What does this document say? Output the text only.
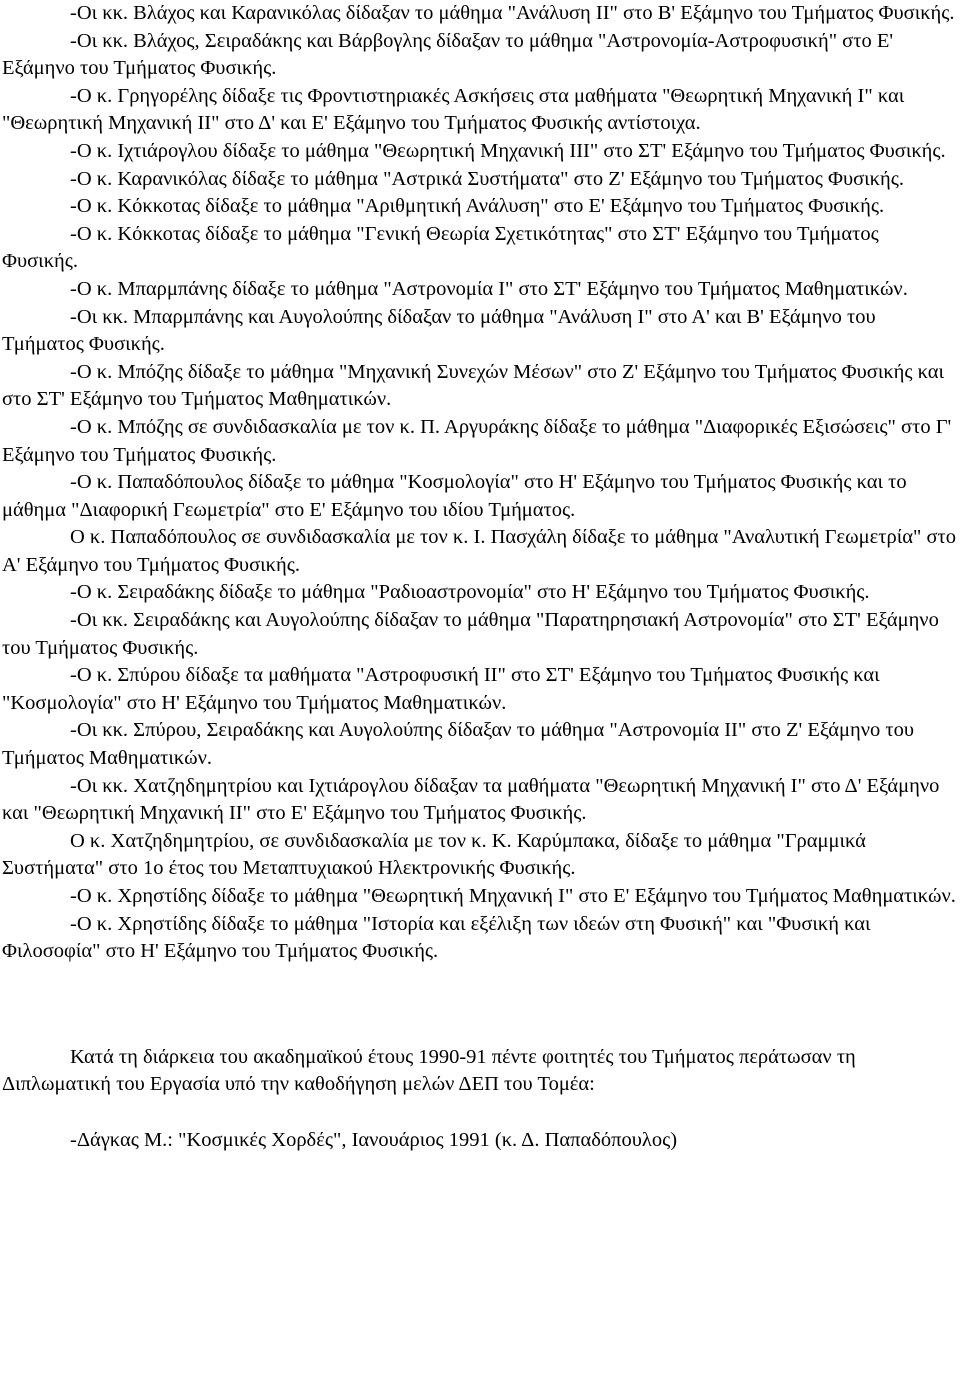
-Οι κκ. Βλάχος και Καρανικόλας δίδαξαν το μάθημα "Ανάλυση ΙΙ" στο Β' Εξάμηνο του Τμήματος Φυσικής.

-Οι κκ. Βλάχος, Σειραδάκης και Βάρβογλης δίδαξαν το μάθημα "Αστρονομία-Αστροφυσική" στο Ε' Εξάμηνο του Τμήματος Φυσικής.

-Ο κ. Γρηγορέλης δίδαξε τις Φροντιστηριακές Ασκήσεις στα μαθήματα "Θεωρητική Μηχανική Ι" και "Θεωρητική Μηχανική ΙΙ" στο Δ' και Ε' Εξάμηνο του Τμήματος Φυσικής αντίστοιχα.

-Ο κ. Ιχτιάρογλου δίδαξε το μάθημα "Θεωρητική Μηχανική ΙΙΙ" στο ΣΤ' Εξάμηνο του Τμήματος Φυσικής.

-Ο κ. Καρανικόλας δίδαξε το μάθημα "Αστρικά Συστήματα" στο Ζ' Εξάμηνο του Τμήματος Φυσικής.

-Ο κ. Κόκκοτας δίδαξε το μάθημα "Αριθμητική Ανάλυση" στο Ε' Εξάμηνο του Τμήματος Φυσικής.

-Ο κ. Κόκκοτας δίδαξε το μάθημα "Γενική Θεωρία Σχετικότητας" στο ΣΤ' Εξάμηνο του Τμήματος Φυσικής.

-Ο κ. Μπαρμπάνης δίδαξε το μάθημα "Αστρονομία Ι" στο ΣΤ' Εξάμηνο του Τμήματος Μαθηματικών.

-Οι κκ. Μπαρμπάνης και Αυγολούπης δίδαξαν το μάθημα "Ανάλυση Ι" στο Α' και Β' Εξάμηνο του Τμήματος Φυσικής.

-Ο κ. Μπόζης δίδαξε το μάθημα "Μηχανική Συνεχών Μέσων" στο Ζ' Εξάμηνο του Τμήματος Φυσικής και στο ΣΤ' Εξάμηνο του Τμήματος Μαθηματικών.

-Ο κ. Μπόζης σε συνδιδασκαλία με τον κ. Π. Αργυράκης δίδαξε το μάθημα "Διαφορικές Εξισώσεις" στο Γ' Εξάμηνο του Τμήματος Φυσικής.

-Ο κ. Παπαδόπουλος δίδαξε το μάθημα "Κοσμολογία" στο Η' Εξάμηνο του Τμήματος Φυσικής και το μάθημα "Διαφορική Γεωμετρία" στο Ε' Εξάμηνο του ιδίου Τμήματος.

Ο κ. Παπαδόπουλος σε συνδιδασκαλία με τον κ. Ι. Πασχάλη δίδαξε το μάθημα "Αναλυτική Γεωμετρία" στο Α' Εξάμηνο του Τμήματος Φυσικής.

-Ο κ. Σειραδάκης δίδαξε το μάθημα "Ραδιοαστρονομία" στο Η' Εξάμηνο του Τμήματος Φυσικής.

-Οι κκ. Σειραδάκης και Αυγολούπης δίδαξαν το μάθημα "Παρατηρησιακή Αστρονομία" στο ΣΤ' Εξάμηνο του Τμήματος Φυσικής.

-Ο κ. Σπύρου δίδαξε τα μαθήματα "Αστροφυσική ΙΙ" στο ΣΤ' Εξάμηνο του Τμήματος Φυσικής και "Κοσμολογία" στο Η' Εξάμηνο του Τμήματος Μαθηματικών.

-Οι κκ. Σπύρου, Σειραδάκης και Αυγολούπης δίδαξαν το μάθημα "Αστρονομία ΙΙ" στο Ζ' Εξάμηνο του Τμήματος Μαθηματικών.

-Οι κκ. Χατζηδημητρίου και Ιχτιάρογλου δίδαξαν τα μαθήματα "Θεωρητική Μηχανική Ι" στο Δ' Εξάμηνο και "Θεωρητική Μηχανική ΙΙ" στο Ε' Εξάμηνο του Τμήματος Φυσικής.

Ο κ. Χατζηδημητρίου, σε συνδιδασκαλία με τον κ. Κ. Καρύμπακα, δίδαξε το μάθημα "Γραμμικά Συστήματα" στο 1ο έτος του Μεταπτυχιακού Ηλεκτρονικής Φυσικής.

-Ο κ. Χρηστίδης δίδαξε το μάθημα "Θεωρητική Μηχανική Ι" στο Ε' Εξάμηνο του Τμήματος Μαθηματικών.

-Ο κ. Χρηστίδης δίδαξε το μάθημα "Ιστορία και εξέλιξη των ιδεών στη Φυσική" και "Φυσική και Φιλοσοφία" στο Η' Εξάμηνο του Τμήματος Φυσικής.

Κατά τη διάρκεια του ακαδημαϊκού έτους 1990-91 πέντε φοιτητές του Τμήματος περάτωσαν τη Διπλωματική του Εργασία υπό την καθοδήγηση μελών ΔΕΠ του Τομέα:

-Δάγκας Μ.: "Κοσμικές Χορδές", Ιανουάριος 1991 (κ. Δ. Παπαδόπουλος)
